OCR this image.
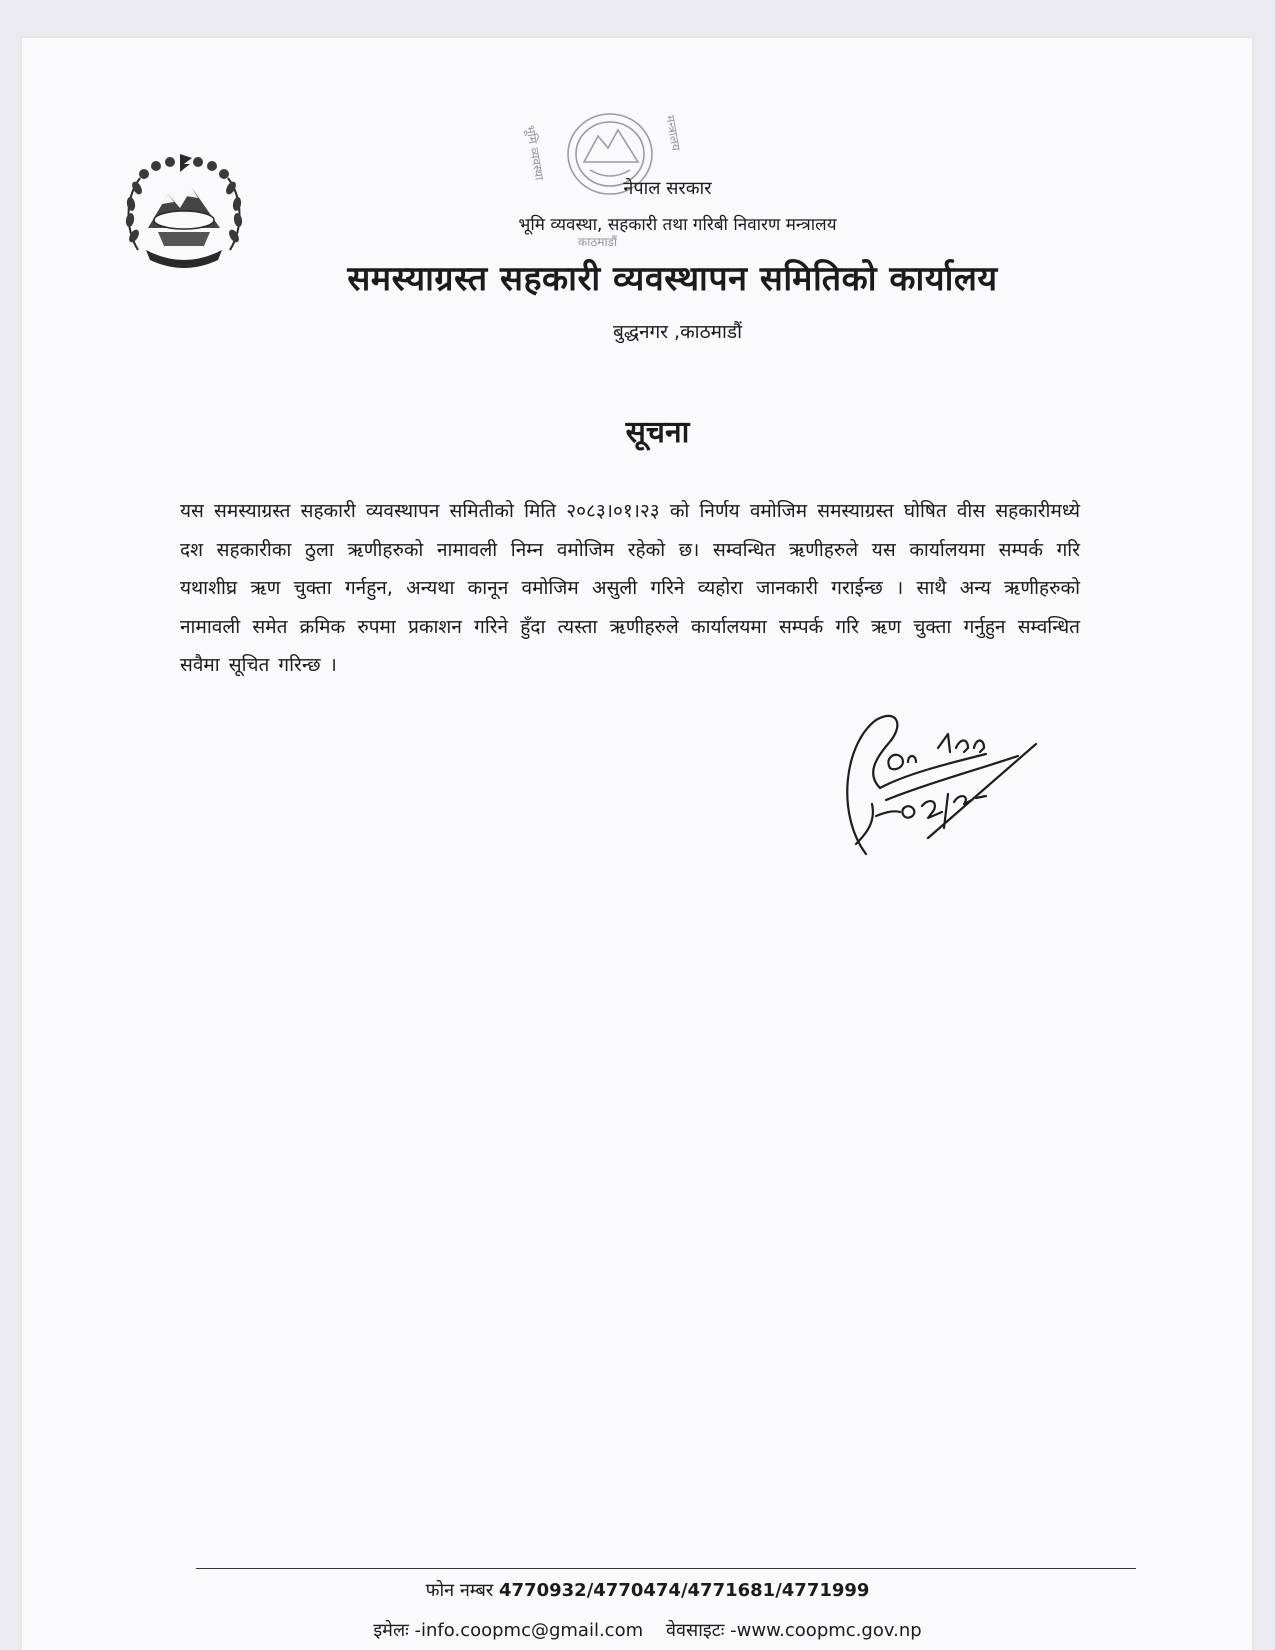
भूमि व्यवस्था	मन्त्रालय
काठमाडौं
नेपाल सरकार
भूमि व्यवस्था, सहकारी तथा गरिबी निवारण मन्त्रालय
समस्याग्रस्त सहकारी व्यवस्थापन समितिको कार्यालय
बुद्धनगर ,काठमाडौं
सूचना
यस समस्याग्रस्त सहकारी व्यवस्थापन समितीको मिति २०८३।०१।२३ को निर्णय वमोजिम समस्याग्रस्त घोषित वीस सहकारीमध्ये दश सहकारीका ठुला ऋणीहरुको नामावली निम्न वमोजिम रहेको छ। सम्वन्धित ऋणीहरुले यस कार्यालयमा सम्पर्क गरि यथाशीघ्र ऋण चुक्ता गर्नहुन, अन्यथा कानून वमोजिम असुली गरिने व्यहोरा जानकारी गराईन्छ । साथै अन्य ऋणीहरुको नामावली समेत क्रमिक रुपमा प्रकाशन गरिने हुँदा त्यस्ता ऋणीहरुले कार्यालयमा सम्पर्क गरि ऋण चुक्ता गर्नुहुन सम्वन्धित सवैमा सूचित गरिन्छ ।
फोन नम्बर 4770932/4770474/4771681/4771999
इमेलः -info.coopmc@gmail.com वेवसाइटः -www.coopmc.gov.np
